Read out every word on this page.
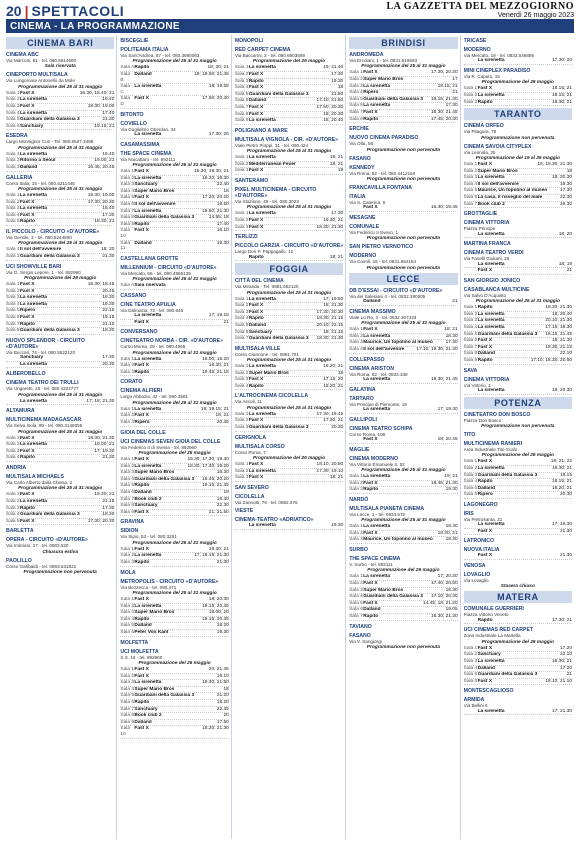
20 | SPETTACOLI	LA GAZZETTA DEL MEZZOGIORNO
Venerdì 26 maggio 2023
CINEMA - LA PROGRAMMAZIONE
CINEMA BARI
CINEMA ABC
Via Marconi, 61 - tel. 080.5614680
Sala riservata
CINEPORTO MULTISALA
Via Lungomare Antonello da Mole
Programmazione del 25 al 31 maggio
Sala 1 Fast X	16.30; 18.40; 21
Sala 2 La sirenetta	16.40
Sala 3 Fast X	18.30; 19.00
Sala 4 La sirenetta	17.40
Sala 5 Guardiani della Galassia 3	21.30
Sala 6 Sanctuary	19.15; 21
ESEDRA
Largo Monsignor Curi - Tel. 080.8527.3498
Programmazione del 25 al 31 maggio
Sala 1 La sirenetta	16.40
Sala 2 Ritorno a Seoul	19.00; 21
Sala 3 Dalland	16.45; 20.45
GALLERIA
Corso Italia, 15 - tel. 080.5211445
Programmazione del 25 al 31 maggio
Sala 1 La sirenetta	16.30; 19.00
Sala 2 Fast X	17.30; 20.30
Sala 3 La sirenetta	16.40
Sala 4 Fast X	17.30
Sala 5 Rapito	18.30; 21
IL PICCOLO - CIRCUITO «D'AUTORE»
Via Gentile, 3 - tel. 080.5244800
Programmazione del 25 al 31 maggio
Sala 1 Il sol dell'avvenire	18; 20
Sala 2 Guardiani della Galassia 3	21.30
UCI SHOWVILLE BARI
Via G. Sergio Lepore, 1 - tel. 892960
Programmazione del 26 maggio
Sala 1 Fast X	15.30; 18.45
Sala 2 Fast X	20.45
Sala 3 La sirenetta	16.30
Sala 4 La sirenetta	19.30
Sala 5 Ripero	22.15
Sala 6 Fast X	19.15
Sala 7 Rapito	21.10
Sala 8 Guardiani della Galassia 3	18.30
NUOVO SPLENDOR - CIRCUITO «D'AUTORE»
Via Buccari, 74 - tel. 080.5522120
Sanctuary	17.30
La sirenetta	20.30
ALBEROBELLO
CINEMA TEATRO DEI TRULLI
Via Ungaretti, 26 - tel. 080.4322777
Programmazione del 25 al 31 maggio
La sirenetta	17; 18; 21.30
ALTAMURA
MULTICINEMA MADAGASCAR
Via Selva Isola, 99 - tel. 080.3148055
Programmazione del 25 al 31 maggio
Sala 1 Fast X	18.30; 21.30
Sala 2 La sirenetta	18.00; 21
Sala 3 Fast X	17; 19.30
Sala 4 Rapito	21.30
ANDRIA
MULTISALA MICHAELS
Via Carlo Alberto dalla Chiesa, 2
Programmazione del 25 al 31 maggio
Sala 1 Fast X	18.30; 21
Sala 2 La sirenetta	21.15
Sala 3 Rapito	17.30
Sala 4 Guardiani della Galassia 3	18.30
Sala 5 Fast X	17.30; 20.30
BARLETTA
OPERA - CIRCUITO «D'AUTORE»
Via Imbriani, 27 - tel. 0883.520
Chiusura estiva
PAOLILLO
Corso Garibaldi - tel. 0883.531822
Programmazione non pervenuta
BISCEGLIE
POLITEAMA ITALIA
Via Sant'Andrea, 87 - tel. 080.3980063
Programmazione del 25 al 31 maggio
Sala A Rapito	18; 20; 21
Sala B
Dalland	18; 19.55; 21.45
Sala C
La sirenetta	18; 19.55
Sala D
Fast X	17.55; 20.40
BITONTO
COVIELLO
Via Guglielmo Oberdan, 34
La sirenetta	17.30; 20
CASAMASSIMA
THE SPACE CINEMA
Via Noicattaro - tel. 892111
Programmazione del 25 al 31 maggio
Sala 1 Fast X	15.30; 18.30; 21
Sala 2 La sirenetta	16.20; 19.30
Sala 3 Sanctuary	22.40
Sala 4 Super Mario Bros	16
Sala 5 Fast X	17.20; 20.20
Sala 6 Il sol dell'avvenire	18.50
Sala 7 La sirenetta	18.50; 21.30
Sala 8 Guardiani della Galassia 3	14.55; 18
Sala 9 Rapito	17.40
Sala 10
Fast X	16.10
Sala 11
Dalland	19.30
CASTELLANA GROTTE
MILLENNIUM - CIRCUITO «D'AUTORE»
Via Mercato, 58 - tel. 080.4965139
Programmazione del 25 al 31 maggio
Sala A Sala riservata
CASSANO
CINE TEATRO APULIA
Via Dalmazia, 72 - tel. 080.646
La sirenetta	17; 19.15
Fast X	21
CONVERSANO
CINETEATRO NORBA - CIR. «D'AUTORE»
Corso Morea, 29 - tel. 080.4965
Programmazione del 25 al 31 maggio
Sala 1 La sirenetta	16.00; 18.20
Sala 2 Fast X	18.30; 21
Sala 3 Rapito	19.45; 21.15
CORATO
CINEMA ALFIERI
Largo Abbazia, 42 - tel. 080.3581
Programmazione del 25 al 31 maggio
Sala 1 La sirenetta	18; 19.15; 21
Sala 2 Fast X	18; 21
Sala 3 Ripero	20.45
GIOIA DEL COLLE
UCI CINEMAS SEVEN GIOIA DEL COLLE
Via Federico II di Svevia - tel. 892960
Programmazione del 25 maggio
Sala 1 Fast X	16.30; 17.30; 19.40
Sala 2 La sirenetta	18.30; 17.30; 19.20
Sala 3 Super Mario Bros	18.30
Sala 4 Guardiani della Galassia 3	16.45; 20.20
Sala 5 Rapito	19.15; 21.45
Sala 6 Dalland	19
Sala 7 Book club 2	18.40
Sala 8 Sanctuary	22.30
Sala 9 Fast X	21; 21.50
GRAVINA
SIDION
Via Sipio, 53 - tel. 080.3261
Programmazione del 25 al 31 maggio
Sala 1 Fast X	18.30; 21
Sala 2 La sirenetta	17; 18.15; 21.30
Sala 3 Rapito	21.30
MOLA
METROPOLIS - CIRCUITO «D'AUTORE»
Via Bezzecca - tel. 080.471
Programmazione del 25 al 31 maggio
Sala 1 Fast X	18; 20.30
Sala 2 La sirenetta	18.15; 20.45
Sala 3 Super Mario Bros	18.00; 20
Sala 4 Rapito	18.15; 20.45
Sala 5 Dalland	18.20
Sala 6 Peter Von Kant	19.30
MOLFETTA
UCI MOLFETTA
S.S. 16 - tel. 892960
Programmazione del 26 maggio
Sala 1 Fast X	20; 21.45
Sala 2 Fast X	19.10
Sala 3 La sirenetta	19.30; 21.50
Sala 4 Super Mario Bros	18
Sala 5 Guardiani della Galassia 3	21.20
Sala 6 Rapito	18.20
Sala 7 Sanctuary	22.45
Sala 8 Book club 2	20
Sala 9 Dalland	17.50
Sala 10
Fast X	18.20; 21.30
MONOPOLI
RED CARPET CINEMA
Via Baccarini, 2 - tel. 080.6903569
Programmazione del 26 maggio
Sala 1 La sirenetta	19; 21.40
Sala 2 Fast X	17.30
Sala 3 Rapito	19.30
Sala 4 Fast X	18
Sala 5 Guardiani della Galassia 3	21.50
Sala 6 Dalland	17.10; 21.50
Sala 7 Fast X	17.50; 20.30
Sala 8 Fast X	18; 20.30
Sala 9 La sirenetta	18; 20.40
POLIGNANO A MARE
MULTISALA VIGNOLA - CIR. «D'AUTORE»
Viale Pietro Pioppi, 31 - tel. 080.424
Programmazione del 25 al 31 maggio
Sala 1 La sirenetta	18; 21
Sala 2 Mediterranean Fever	18; 21
Sala 3 Fast X	19
SANTERAMO
PIXEL MULTICINEMA - CIRCUITO «D'AUTORE»
Via Stazione, 49 - tel. 080.3023
Programmazione del 25 al 31 maggio
Sala 1 La sirenetta	17.30
Sala 2 Fast X	16.30; 21
Sala 3 Fast X	18.30; 21.30
TERLIZZI
PICCOLO GARZIA - CIRCUITO «D'AUTORE»
Largo Don P. Pappagallo, 12
Rapito	18; 21
FOGGIA
CITTÀ DEL CINEMA
Via Miranda - Tel. 0881.652120
Programmazione del 25 al 31 maggio
Sala 1 La sirenetta	17; 19.50
Sala 2 Fast X	18; 21.30
Sala 3 Fast X	17.30; 20.30
Sala 4 Rapito	18.30; 21.15
Sala 5 Dalland	20.10; 22.15
Sala 6 Sanctuary	19; 21.15
Sala 7 Guardiani della Galassia 3	18.30; 21.30
MULTISALA VILLE
Corso Giannone - tel. 0881.701
Programmazione del 25 al 31 maggio
Sala 1 La sirenetta	18.20; 21
Sala 2 Super Mario Bros	18
Sala 3 Fast X	17.15; 20
Sala 4 Rapito	18.20; 21
L'ALTROCINEMA CICOLELLA
Via Ascoli, 11
Programmazione del 25 al 31 maggio
Sala 1 La sirenetta	17.30; 19.45
Sala 2 Fast X	17.30; 21
Sala 3 Guardiani della Galassia 3	20.30
CERIGNOLA
MULTISALA CORSO
Corso Roma, 7
Programmazione del 26 maggio
Sala 1 Fast X	18.10; 20.50
Sala 2 La sirenetta	17.30; 19.10
Sala 3 Fast X	18; 21
SAN SEVERO
CICOLELLA
Via Zannotti, 76 - tel. 0882.375
VIESTE
CINEMA-TEATRO «ADRIATICO»
La sirenetta	19.30
BRINDISI
ANDROMEDA
Via Ercolani, 1 - tel. 0831.519583
Programmazione del 25 al 31 maggio
Sala 1 Fast X	17.30; 20.30
Sala 2 Super Mario Bros	17
Sala 3 La sirenetta	18.15; 21
Sala 4 Ripero	21
Sala 5 Guardiani della Galassia 3	18.15; 21.30
Sala 6 La sirenetta	17.30
Sala 7 Fast X	18.30; 21.45
Sala 8 Rapito	17.45; 20.30
ERCHIE
NUOVO CINEMA PARADISO
Via Olta, 56
Programmazione non pervenuta
FASANO
KENNEDY
Via Roma, 52 - tel. 080.4412150
Programmazione non pervenuta
FRANCAVILLA FONTANA
ITALIA
Via S. Caterina, 6
Fast X	18.30; 19.45
MESAGNE
COMUNALE
Via Federico II Svevo, 1
Programmazione non pervenuta
SAN PIETRO VERNOTICO
MODERNO
Via Cairoli, 16 - tel. 0831.652154
Programmazione non pervenuta
LECCE
DB D'ESSAI - CIRCUITO «D'AUTORE»
Via dei Salesiani 4 - tel. 0832.390505
Dalland	21
CINEMA MASSIMO
Viale Lo Re, 3 - tel. 0832.307433
Programmazione del 25 al 31 maggio
Sala 1 Fast X	18; 21
Sala 2 La sirenetta	18.30
Sala 3 Maurice, Un topolino al museo	17.30
Sala 4 Il sol dell'avvenire	17.10; 19.30; 21.30
COLLEPASSO
CINEMA ARISTON
Via Roma, 62 - tel. 0833.348
La sirenetta	19.30; 21.45
GALATINA
TARTARO
Via Principe di Piemonte, 19
La sirenetta	17; 19.30
GALLIPOLI
CINEMA TEATRO SCHIPA
Corso Roma, 106
Fast X	18; 20.45
MAGLIE
CINEMA MODERNO
Via Vittorio Emanuele II, 52
Programmazione del 25 al 31 maggio
Sala 1 La sirenetta	19; 21
Sala 2 Fast X	18.45; 21.30
Sala 3 Rapito	19.30
NARDÒ
MULTISALA PIANETA CINEMA
Via Lecce, 1 - tel. 0833.572
Programmazione del 25 al 31 maggio
Sala 1 La sirenetta	18.30
Sala 2 Fast X	18.30; 21
Sala 3 Maurice, Un topolino al museo	18.30
SURBO
THE SPACE CINEMA
V. Surbo - tel. 892111
Programmazione del 26 maggio
Sala 1 La sirenetta	17; 20.30
Sala 2 Fast X	17.40; 20.50
Sala 3 Super Mario Bros	16.30
Sala 4 Guardiani della Galassia 3	17.10; 20.30
Sala 5 Fast X	14.45; 18; 21.20
Sala 6 Dalland	19.05
Sala 7 Rapito	16.30; 21.30
TAVIANO
FASANO
Via V. Sangiorgi
Programmazione non pervenuta
TRICASE
MODERNO
Via Mercato, 19 - tel. 0833.546895
La sirenetta	17.30; 20
MINI CINEPLEX PARADISO
Via R. Caputo, 15
Programmazione del 26 maggio
Sala 1 Fast X	18.15; 21
Sala 2 La sirenetta	18.15; 21
Sala 3 Rapito	18.30; 21
TARANTO
CINEMA ORFEO
Via Pitagora, 78
Programmazione non pervenuta
CINEMA SAVOIA CITYPLEX
Via Leonida, 25
Programmazione del 19 al 25 maggio
Sala 1 Fast X	16; 18.30; 21.30
Sala 2 Super Mario Bros	18
Sala 3 La sirenetta	18; 20.30
Sala 4 Il sol dell'avvenire	18.30
Sala 5 Maurice, Un topolino al museo	17.30
Sala 6 La casa, Il risveglio del male	22.30
Sala 7 Book club 2	16.30
GROTTAGLIE
CINEMA VITTORIA
Piazza Principe
La sirenetta	18; 20
MARTINA FRANCA
CINEMA TEATRO VERDI
Via Fanelli Giuliani, 25
La sirenetta	18; 19
Fast X	21
SAN GIORGIO JONICO
CASABLANCA MULTICINE
Via Salvo D'Acquisto
Programmazione del 25 al 31 maggio
Sala 1 Rapito	18.30; 21.30
Sala 2 La sirenetta	18; 20.40
Sala 3 La sirenetta	20.10; 21.30
Sala 4 La sirenetta	17.15; 18.30
Sala 5 Guardiani della Galassia 3	18.15; 21.45
Sala 6 Fast X	18; 21.30
Sala 7 Fast X	18.30; 21.15
Sala 8 Dalland	22.10
Sala 9 Rapito	17.10; 18.30; 20.50
SAVA
CINEMA VITTORIA
Via Vittorio, 1
La sirenetta	18; 20.30
POTENZA
CINETEATRO DON BOSCO
Piazza Don Bosco
Programmazione non pervenuta
TITO
MULTICINEMA RANIERI
Area Industriale Tito Scalo
Programmazione del 26 maggio
Sala 1 Fast X	18; 21; 22
Sala 2 La sirenetta	18.30; 21
Sala 3 Guardiani della Galassia 3	18.15
Sala 4 Rapito	18.15; 21
Sala 5 Dalland	18.20; 21
Sala 6 Ripero	20.30
LAGONEGRO
IRIS
Via Pietrosanta, 21
La sirenetta	17; 19.30
Fast X	21.30
LATRONICO
NUOVA ITALIA
Fast X	21.30
VENOSA
LOVAGLIO
Via Lovaglio
Stasera chiuso
MATERA
COMUNALE GUERRIERI
Piazza Vittorio Veneto
Rapito	17.30; 21
UCI CINEMAS RED CARPET
Zona Industriale La Martella
Programmazione del 26 maggio
Sala 1 Fast X	17.20
Sala 2 Sanctuary	22.10
Sala 3 La sirenetta	18.30; 21
Sala 4 Dalland	17.20
Sala 5 Guardiani della Galassia 3	21
Sala 6 Fast X	18.10; 21.10
MONTESCAGLIOSO
ARMIDA
Via Bellini 6
La sirenetta	17; 21.30
